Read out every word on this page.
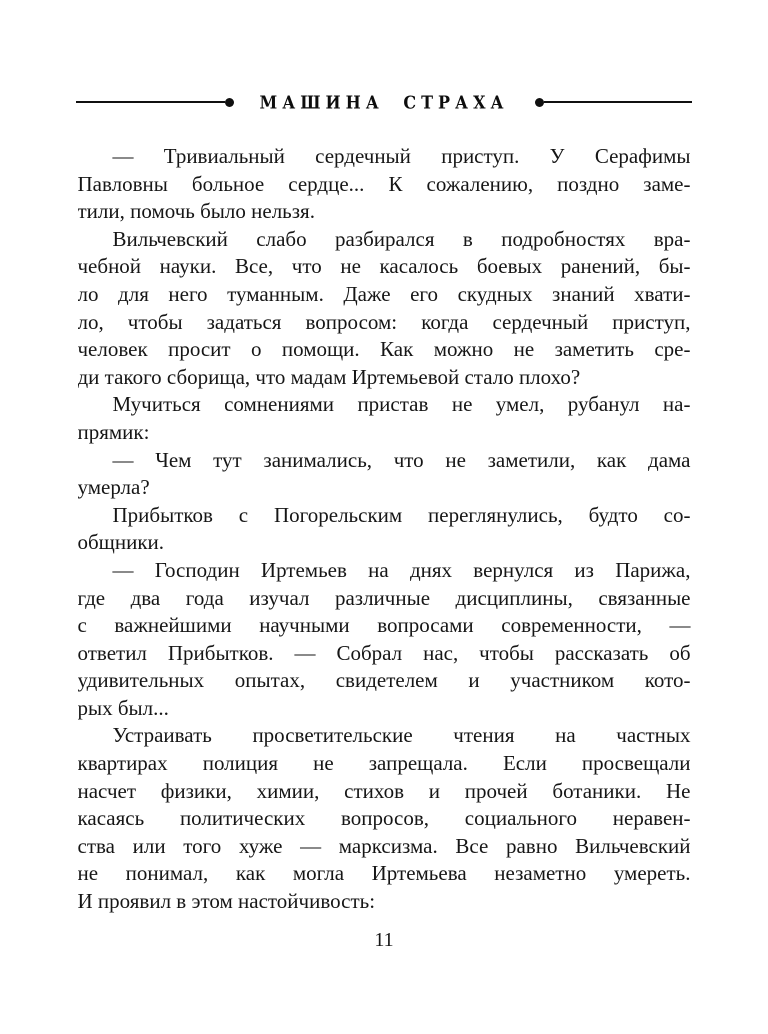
МАШИНА СТРАХА

— Тривиальный сердечный приступ. У Серафимы
Павловны больное сердце... К сожалению, поздно заме-
тили, помочь было нельзя.

Вильчевский слабо разбирался в подробностях вра-
чебной науки. Все, что не касалось боевых ранений, бы-
ло для него туманным. Даже его скудных знаний хвати-
ло, чтобы задаться вопросом: когда сердечный приступ,
человек просит о помощи. Как можно не заметить сре-
ди такого сборища, что мадам Иртемьевой стало плохо?

Мучиться сомнениями пристав не умел, рубанул на-
прямик:

— Чем тут занимались, что не заметили, как дама
умерла?

Прибытков с Погорельским переглянулись, будто со-
общники.

— Господин Иртемьев на днях вернулся из Парижа,
где два года изучал различные дисциплины, связанные
с важнейшими научными вопросами современности, —
ответил Прибытков. — Собрал нас, чтобы рассказать об
удивительных опытах, свидетелем и участником кото-
рых был...

Устраивать просветительские чтения на частных
квартирах полиция не запрещала. Если просвещали
насчет физики, химии, стихов и прочей ботаники. Не
касаясь политических вопросов, социального неравен-
ства или того хуже — марксизма. Все равно Вильчевский
не понимал, как могла Иртемьева незаметно умереть.
И проявил в этом настойчивость:

11
